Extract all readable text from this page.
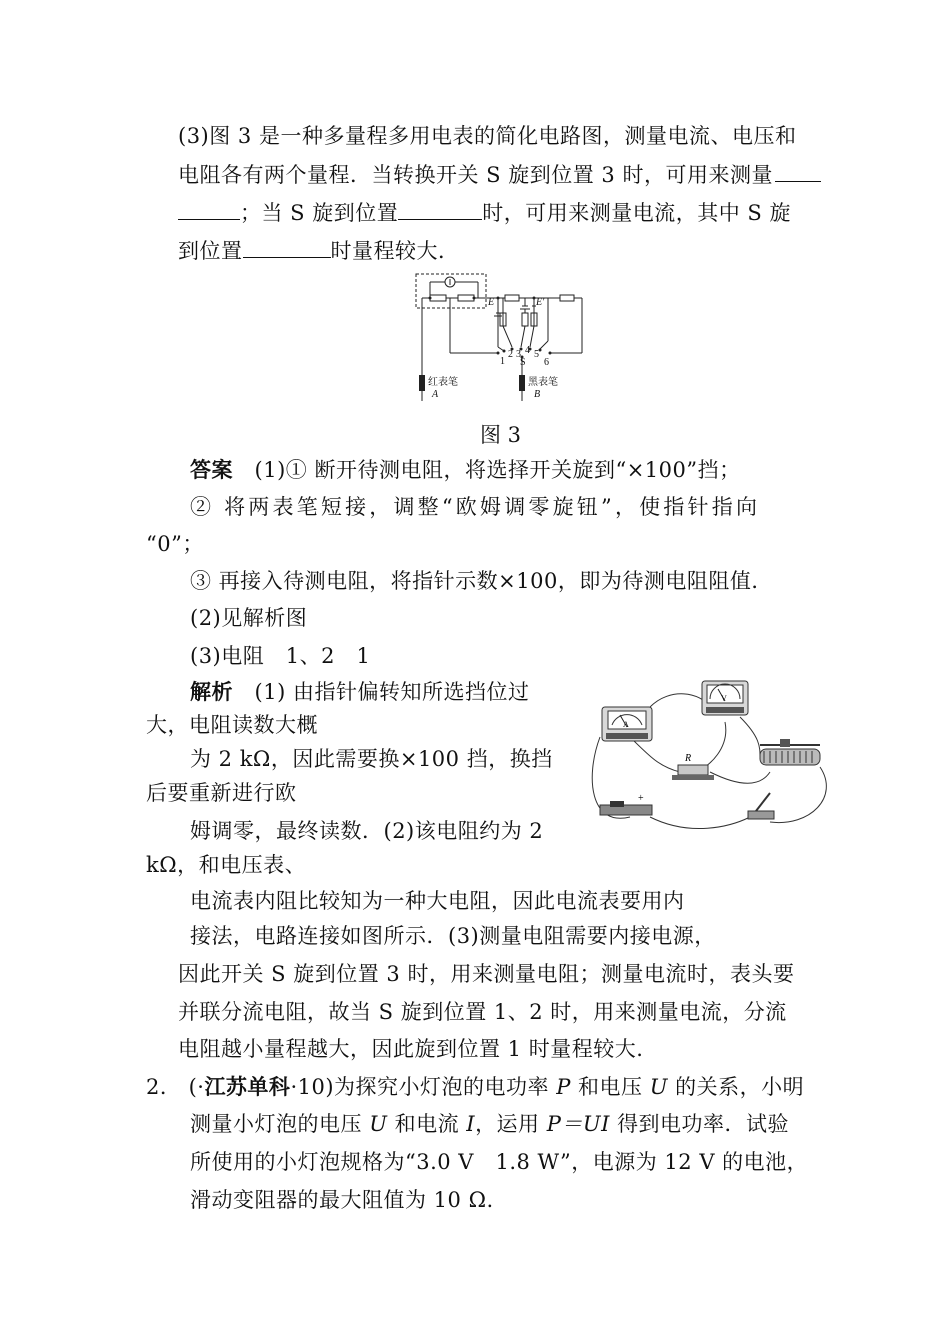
(3)图 3 是一种多量程多用电表的简化电路图，测量电流、电压和
电阻各有两个量程．当转换开关 S 旋到位置 3 时，可用来测量
；当 S 旋到位置	时，可用来测量电流，其中 S 旋
到位置	时量程较大．
E	E′
1
2 3 4 5
6
S
红表笔
A
黑表笔
B
图 3
答案 (1)① 断开待测电阻，将选择开关旋到“×100”挡；
② 将两表笔短接，调整“欧姆调零旋钮”，使指针指向
“0”；
③ 再接入待测电阻，将指针示数×100，即为待测电阻阻值．
(2)见解析图
(3)电阻　1、2　1
解析 (1) 由指针偏转知所选挡位过
大，电阻读数大概
为 2 kΩ，因此需要换×100 挡，换挡
后要重新进行欧
姆调零，最终读数．(2)该电阻约为 2
kΩ，和电压表、
电流表内阻比较知为一种大电阻，因此电流表要用内
接法，电路连接如图所示．(3)测量电阻需要内接电源，
因此开关 S 旋到位置 3 时，用来测量电阻；测量电流时，表头要
并联分流电阻，故当 S 旋到位置 1、2 时，用来测量电流，分流
电阻越小量程越大，因此旋到位置 1 时量程较大.
A
V
R
+
2． (·江苏单科·10)为探究小灯泡的电功率 P 和电压 U 的关系，小明
测量小灯泡的电压 U 和电流 I，运用 P＝UI 得到电功率．试验
所使用的小灯泡规格为“3.0 V　1.8 W”，电源为 12 V 的电池，
滑动变阻器的最大阻值为 10 Ω.
